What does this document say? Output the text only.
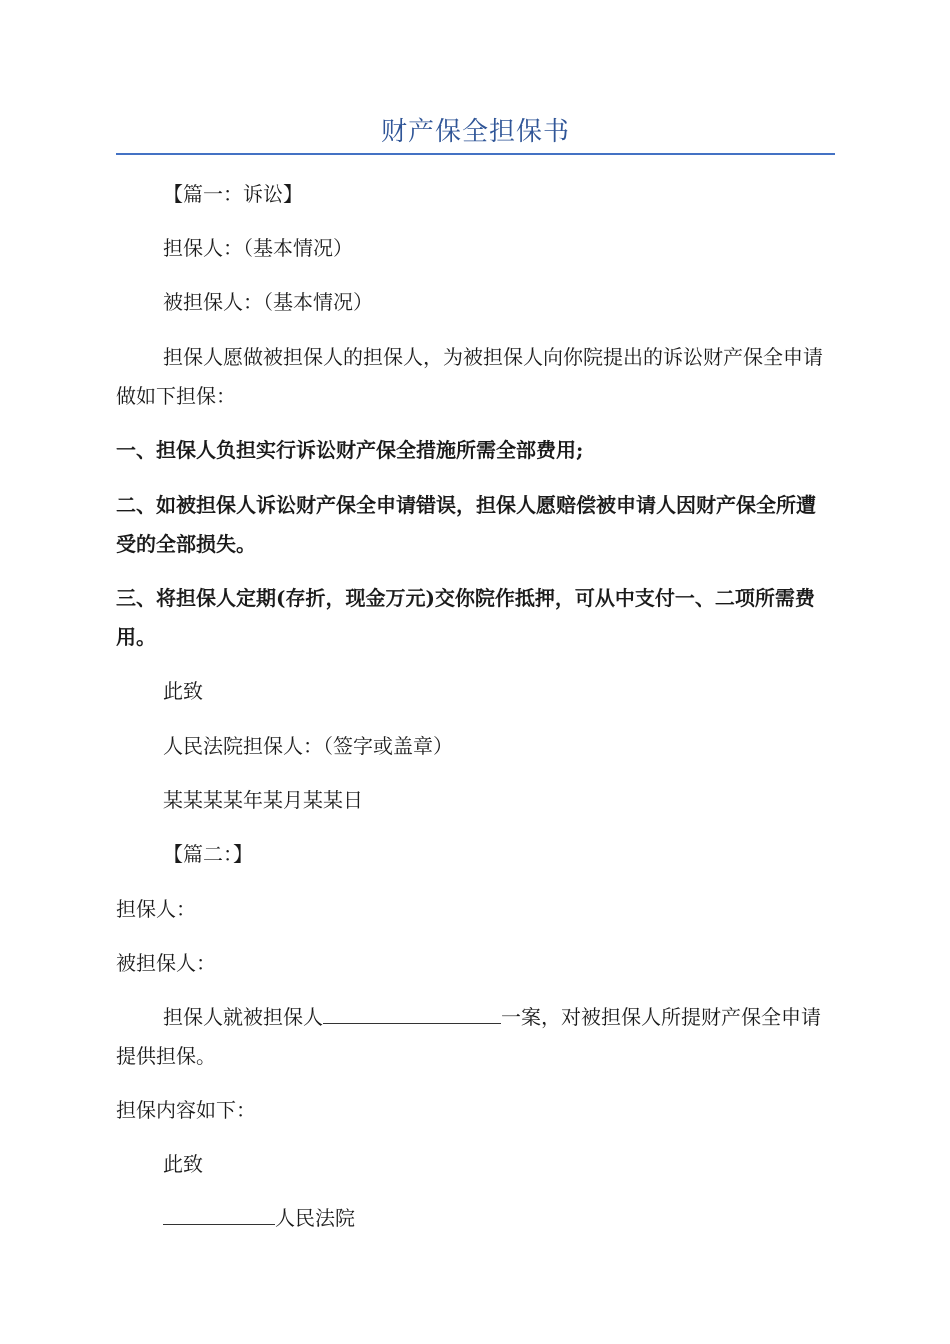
财产保全担保书

【篇一：诉讼】

担保人：（基本情况）

被担保人：（基本情况）

担保人愿做被担保人的担保人，为被担保人向你院提出的诉讼财产保全申请做如下担保：

一、担保人负担实行诉讼财产保全措施所需全部费用;

二、如被担保人诉讼财产保全申请错误，担保人愿赔偿被申请人因财产保全所遭受的全部损失。

三、将担保人定期(存折，现金万元)交你院作抵押，可从中支付一、二项所需费用。

此致

人民法院担保人：（签字或盖章）

某某某某年某月某某日

【篇二：】

担保人：

被担保人：

担保人就被担保人	一案，对被担保人所提财产保全申请提供担保。

担保内容如下：

此致

人民法院
